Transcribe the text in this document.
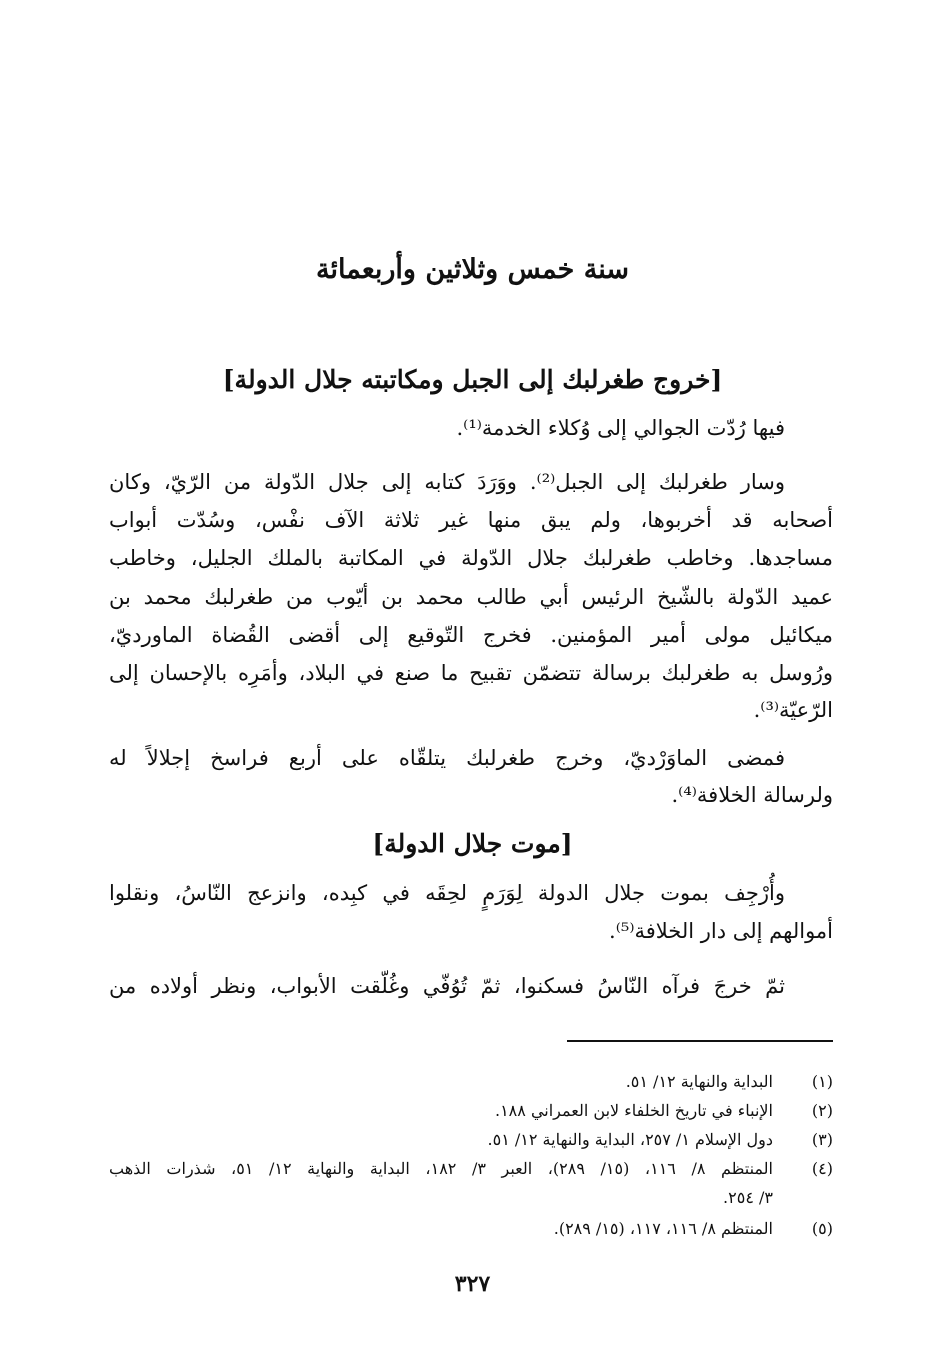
سنة خمس وثلاثين وأربعمائة
[خروج طغرلبك إلى الجبل ومكاتبته جلال الدولة]
فيها رُدّت الجوالي إلى وُكلاء الخدمة⁽¹⁾.
وسار طغرلبك إلى الجبل⁽²⁾. ووَرَدَ كتابه إلى جلال الدّولة من الرّيّ، وكان
أصحابه قد أخربوها، ولم يبق منها غير ثلاثة الآف نفْس، وسُدّت أبواب
مساجدها. وخاطب طغرلبك جلال الدّولة في المكاتبة بالملك الجليل، وخاطب
عميد الدّولة بالشّيخ الرئيس أبي طالب محمد بن أيّوب من طغرلبك محمد بن
ميكائيل مولى أمير المؤمنين. فخرج التّوقيع إلى أقضى القُضاة الماورديّ،
ورُوسل به طغرلبك برسالة تتضمّن تقبيح ما صنع في البلاد، وأمَرِه بالإحسان إلى
الرّعيّة⁽³⁾.
فمضى الماوَرْديّ، وخرج طغرلبك يتلقّاه على أربع فراسخ إجلالاً له
ولرسالة الخلافة⁽⁴⁾.
[موت جلال الدولة]
وأُرْجِف بموت جلال الدولة لِوَرَمٍ لحِقَه في كبِده، وانزعج النّاسُ، ونقلوا
أموالهم إلى دار الخلافة⁽⁵⁾.
ثمّ خرجَ فرآه النّاسُ فسكنوا، ثمّ تُوُفّي وغُلّقت الأبواب، ونظر أولاده من
(١)
البداية والنهاية ١٢/ ٥١.
(٢)
الإنباء في تاريخ الخلفاء لابن العمراني ١٨٨.
(٣)
دول الإسلام ١/ ٢٥٧، البداية والنهاية ١٢/ ٥١.
(٤)
المنتظم ٨/ ١١٦، (١٥/ ٢٨٩)، العبر ٣/ ١٨٢، البداية والنهاية ١٢/ ٥١، شذرات الذهب
٣/ ٢٥٤.
(٥)
المنتظم ٨/ ١١٦، ١١٧، (١٥/ ٢٨٩).
٣٢٧
